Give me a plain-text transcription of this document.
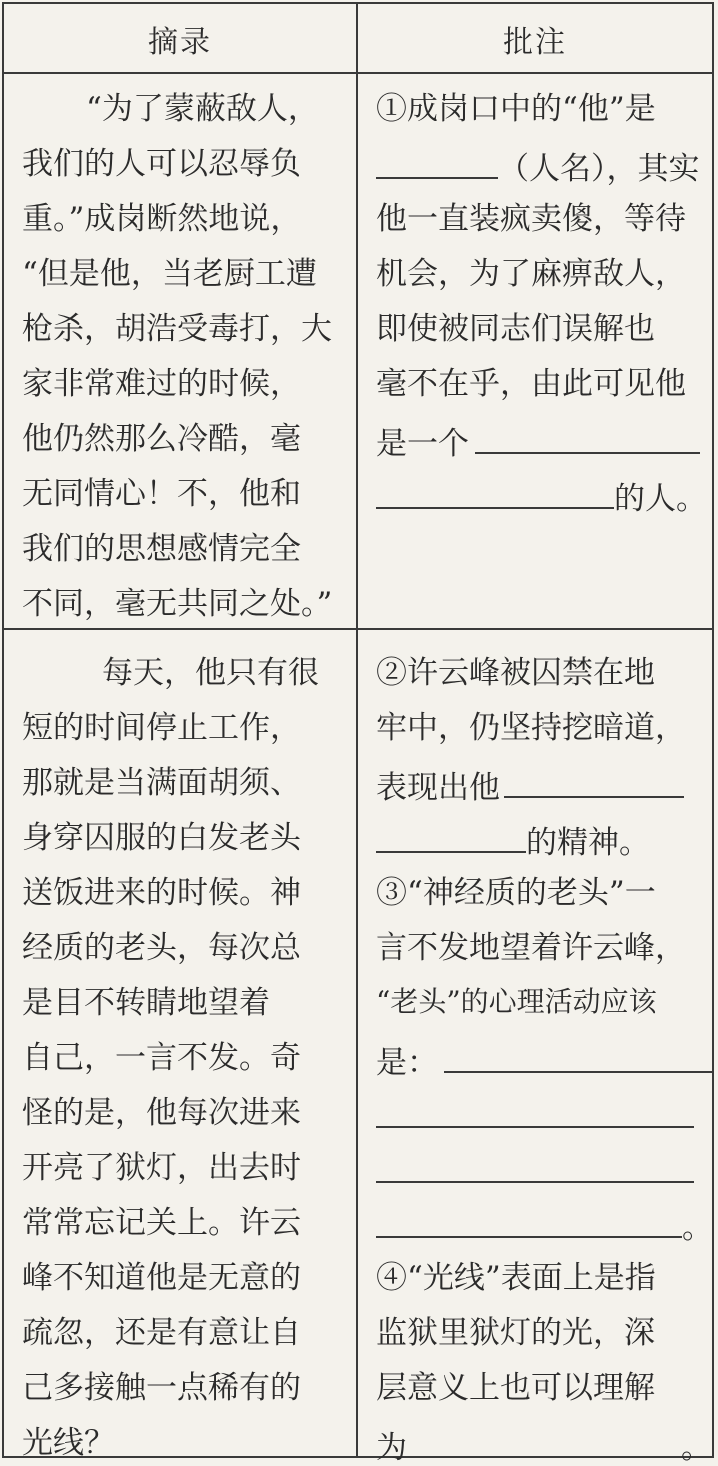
摘录	批注
“为了蒙蔽敌人，
我们的人可以忍辱负
重。”成岗断然地说，
“但是他，当老厨工遭
枪杀，胡浩受毒打，大
家非常难过的时候，
他仍然那么冷酷，毫
无同情心！不，他和
我们的思想感情完全
不同，毫无共同之处。”
①成岗口中的“他”是
（人名），其实
他一直装疯卖傻，等待
机会，为了麻痹敌人，
即使被同志们误解也
毫不在乎，由此可见他
是一个
的人。
每天，他只有很
短的时间停止工作，
那就是当满面胡须、
身穿囚服的白发老头
送饭进来的时候。神
经质的老头，每次总
是目不转睛地望着
自己，一言不发。奇
怪的是，他每次进来
开亮了狱灯，出去时
常常忘记关上。许云
峰不知道他是无意的
疏忽，还是有意让自
己多接触一点稀有的
光线？
②许云峰被囚禁在地
牢中，仍坚持挖暗道，
表现出他
的精神。
③“神经质的老头”一
言不发地望着许云峰，
“老头”的心理活动应该
是：
。
④“光线”表面上是指
监狱里狱灯的光，深
层意义上也可以理解
为	。
